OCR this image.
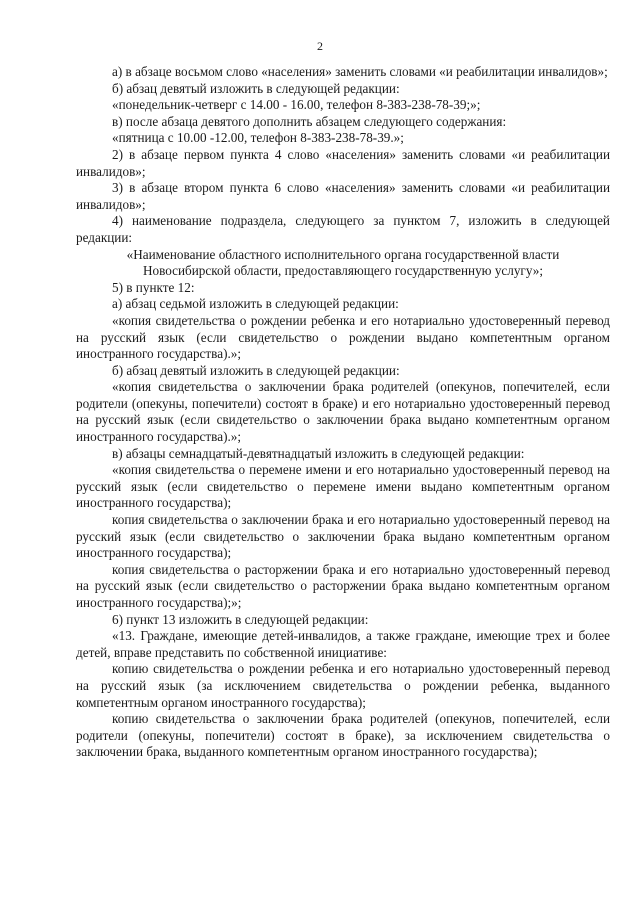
2

а) в абзаце восьмом слово «населения» заменить словами «и реабилитации инвалидов»;

б) абзац девятый изложить в следующей редакции:

«понедельник-четверг с 14.00 - 16.00, телефон 8-383-238-78-39;»;

в) после абзаца девятого дополнить абзацем следующего содержания:

«пятница с 10.00 -12.00, телефон 8-383-238-78-39.»;

2) в абзаце первом пункта 4 слово «населения» заменить словами «и реабилитации инвалидов»;

3) в абзаце втором пункта 6 слово «населения» заменить словами «и реабилитации инвалидов»;

4) наименование подраздела, следующего за пунктом 7, изложить в следующей редакции:

«Наименование областного исполнительного органа государственной власти Новосибирской области, предоставляющего государственную услугу»;

5) в пункте 12:

а) абзац седьмой изложить в следующей редакции:

«копия свидетельства о рождении ребенка и его нотариально удостоверенный перевод на русский язык (если свидетельство о рождении выдано компетентным органом иностранного государства).»;

б) абзац девятый изложить в следующей редакции:

«копия свидетельства о заключении брака родителей (опекунов, попечителей, если родители (опекуны, попечители) состоят в браке) и его нотариально удостоверенный перевод на русский язык (если свидетельство о заключении брака выдано компетентным органом иностранного государства).»;

в) абзацы семнадцатый-девятнадцатый изложить в следующей редакции:

«копия свидетельства о перемене имени и его нотариально удостоверенный перевод на русский язык (если свидетельство о перемене имени выдано компетентным органом иностранного государства);

копия свидетельства о заключении брака и его нотариально удостоверенный перевод на русский язык (если свидетельство о заключении брака выдано компетентным органом иностранного государства);

копия свидетельства о расторжении брака и его нотариально удостоверенный перевод на русский язык (если свидетельство о расторжении брака выдано компетентным органом иностранного государства);»;

6) пункт 13 изложить в следующей редакции:

«13. Граждане, имеющие детей-инвалидов, а также граждане, имеющие трех и более детей, вправе представить по собственной инициативе:

копию свидетельства о рождении ребенка и его нотариально удостоверенный перевод на русский язык (за исключением свидетельства о рождении ребенка, выданного компетентным органом иностранного государства);

копию свидетельства о заключении брака родителей (опекунов, попечителей, если родители (опекуны, попечители) состоят в браке), за исключением свидетельства о заключении брака, выданного компетентным органом иностранного государства);
